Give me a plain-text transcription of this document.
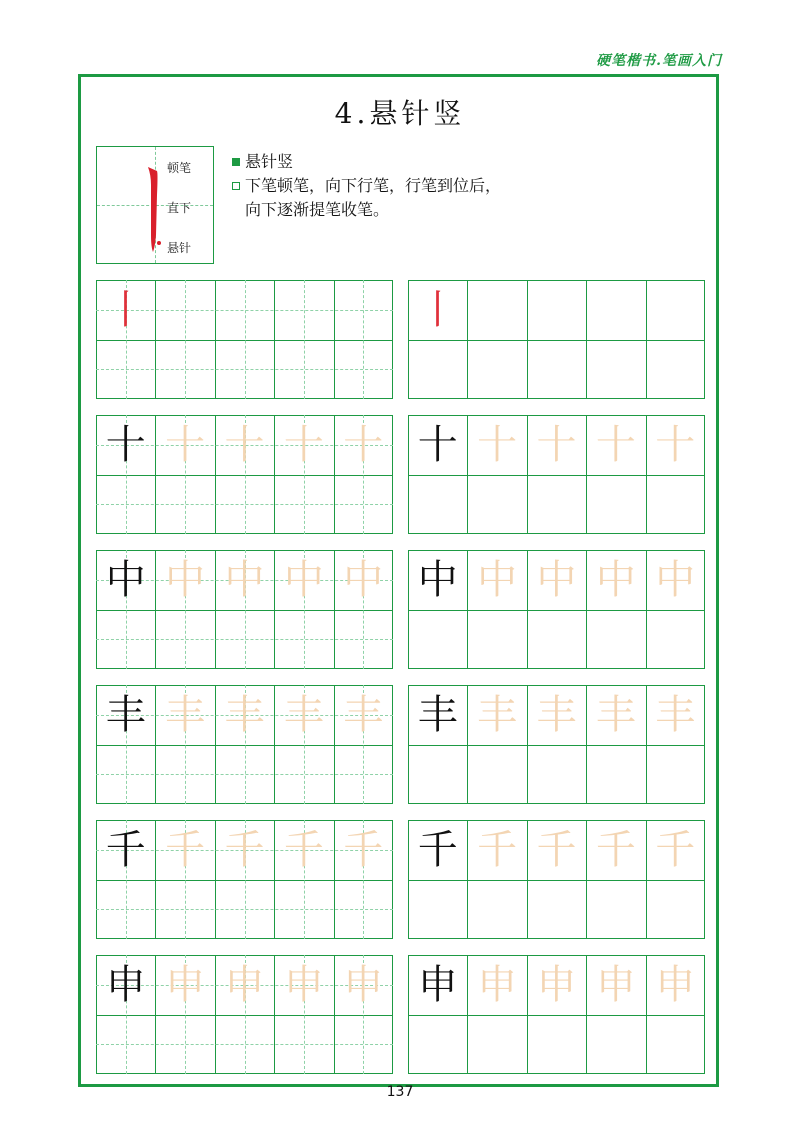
硬笔楷书.笔画入门
4.悬针竖
顿笔
直下
悬针
悬针竖
下笔顿笔，向下行笔，行笔到位后，
向下逐渐提笔收笔。
丨	丨
十 十 十 十 十 十 十 十 十 十
中 中 中 中 中 中 中 中 中 中
丰 丰 丰 丰 丰 丰 丰 丰 丰 丰
千 千 千 千 千 千 千 千 千 千
申 申 申 申 申 申 申 申 申 申
137
